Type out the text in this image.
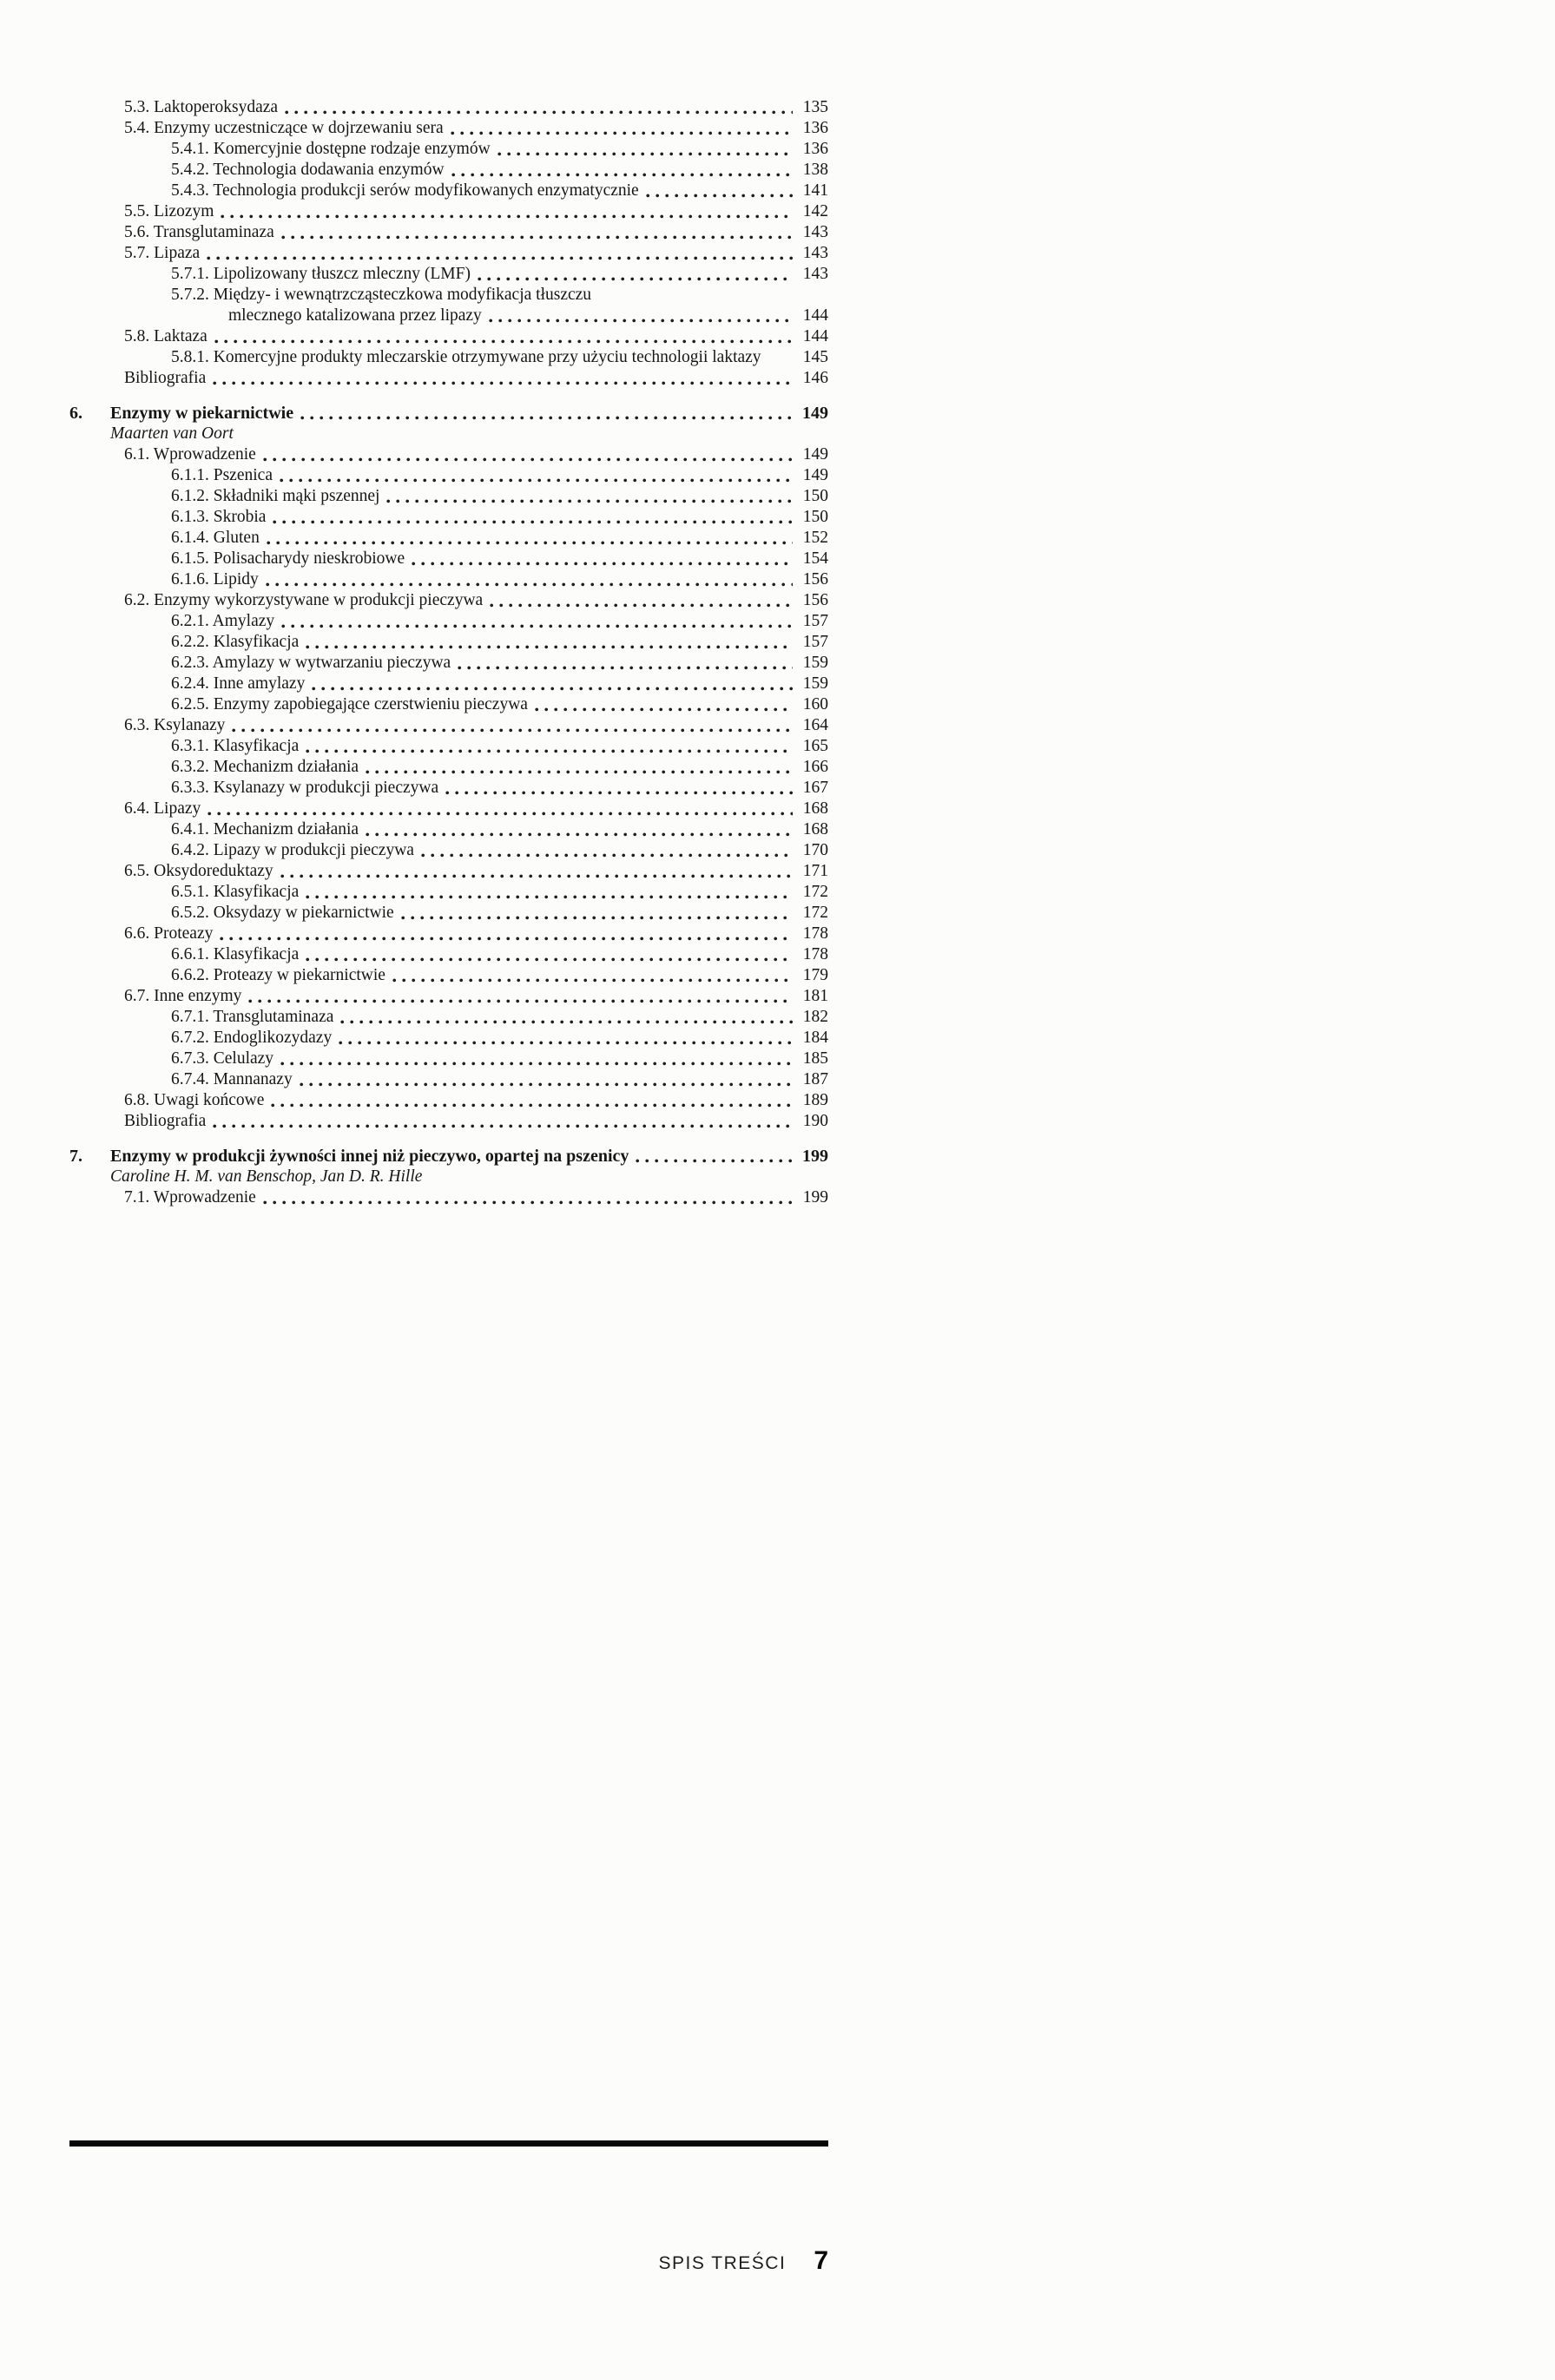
5.3. Laktoperoksydaza	135
5.4. Enzymy uczestniczące w dojrzewaniu sera	136
5.4.1. Komercyjnie dostępne rodzaje enzymów	136
5.4.2. Technologia dodawania enzymów	138
5.4.3. Technologia produkcji serów modyfikowanych enzymatycznie	141
5.5. Lizozym	142
5.6. Transglutaminaza	143
5.7. Lipaza	143
5.7.1. Lipolizowany tłuszcz mleczny (LMF)	143
5.7.2. Między- i wewnątrzcząsteczkowa modyfikacja tłuszczu
mlecznego katalizowana przez lipazy	144
5.8. Laktaza	144
5.8.1. Komercyjne produkty mleczarskie otrzymywane przy użyciu technologii laktazy	145
Bibliografia	146
6.	Enzymy w piekarnictwie	149
Maarten van Oort
6.1. Wprowadzenie	149
6.1.1. Pszenica	149
6.1.2. Składniki mąki pszennej	150
6.1.3. Skrobia	150
6.1.4. Gluten	152
6.1.5. Polisacharydy nieskrobiowe	154
6.1.6. Lipidy	156
6.2. Enzymy wykorzystywane w produkcji pieczywa	156
6.2.1. Amylazy	157
6.2.2. Klasyfikacja	157
6.2.3. Amylazy w wytwarzaniu pieczywa	159
6.2.4. Inne amylazy	159
6.2.5. Enzymy zapobiegające czerstwieniu pieczywa	160
6.3. Ksylanazy	164
6.3.1. Klasyfikacja	165
6.3.2. Mechanizm działania	166
6.3.3. Ksylanazy w produkcji pieczywa	167
6.4. Lipazy	168
6.4.1. Mechanizm działania	168
6.4.2. Lipazy w produkcji pieczywa	170
6.5. Oksydoreduktazy	171
6.5.1. Klasyfikacja	172
6.5.2. Oksydazy w piekarnictwie	172
6.6. Proteazy	178
6.6.1. Klasyfikacja	178
6.6.2. Proteazy w piekarnictwie	179
6.7. Inne enzymy	181
6.7.1. Transglutaminaza	182
6.7.2. Endoglikozydazy	184
6.7.3. Celulazy	185
6.7.4. Mannanazy	187
6.8. Uwagi końcowe	189
Bibliografia	190
7.	Enzymy w produkcji żywności innej niż pieczywo, opartej na pszenicy	199
Caroline H. M. van Benschop, Jan D. R. Hille
7.1. Wprowadzenie	199
SPIS TREŚCI 7
